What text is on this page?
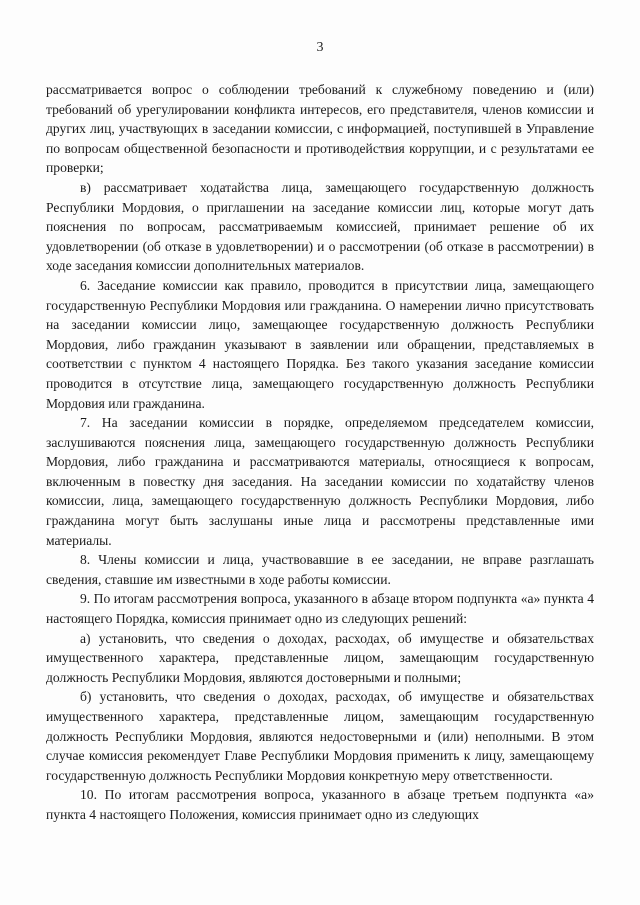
3

рассматривается вопрос о соблюдении требований к служебному поведению и (или) требований об урегулировании конфликта интересов, его представителя, членов комиссии и других лиц, участвующих в заседании комиссии, с информацией, поступившей в Управление по вопросам общественной безопасности и противодействия коррупции, и с результатами ее проверки;

в) рассматривает ходатайства лица, замещающего государственную должность Республики Мордовия, о приглашении на заседание комиссии лиц, которые могут дать пояснения по вопросам, рассматриваемым комиссией, принимает решение об их удовлетворении (об отказе в удовлетворении) и о рассмотрении (об отказе в рассмотрении) в ходе заседания комиссии дополнительных материалов.

6. Заседание комиссии как правило, проводится в присутствии лица, замещающего государственную Республики Мордовия или гражданина. О намерении лично присутствовать на заседании комиссии лицо, замещающее государственную должность Республики Мордовия, либо гражданин указывают в заявлении или обращении, представляемых в соответствии с пунктом 4 настоящего Порядка. Без такого указания заседание комиссии проводится в отсутствие лица, замещающего государственную должность Республики Мордовия или гражданина.

7. На заседании комиссии в порядке, определяемом председателем комиссии, заслушиваются пояснения лица, замещающего государственную должность Республики Мордовия, либо гражданина и рассматриваются материалы, относящиеся к вопросам, включенным в повестку дня заседания. На заседании комиссии по ходатайству членов комиссии, лица, замещающего государственную должность Республики Мордовия, либо гражданина могут быть заслушаны иные лица и рассмотрены представленные ими материалы.

8. Члены комиссии и лица, участвовавшие в ее заседании, не вправе разглашать сведения, ставшие им известными в ходе работы комиссии.

9. По итогам рассмотрения вопроса, указанного в абзаце втором подпункта «а» пункта 4 настоящего Порядка, комиссия принимает одно из следующих решений:

а) установить, что сведения о доходах, расходах, об имуществе и обязательствах имущественного характера, представленные лицом, замещающим государственную должность Республики Мордовия, являются достоверными и полными;

б) установить, что сведения о доходах, расходах, об имуществе и обязательствах имущественного характера, представленные лицом, замещающим государственную должность Республики Мордовия, являются недостоверными и (или) неполными. В этом случае комиссия рекомендует Главе Республики Мордовия применить к лицу, замещающему государственную должность Республики Мордовия конкретную меру ответственности.

10. По итогам рассмотрения вопроса, указанного в абзаце третьем подпункта «а» пункта 4 настоящего Положения, комиссия принимает одно из следующих
